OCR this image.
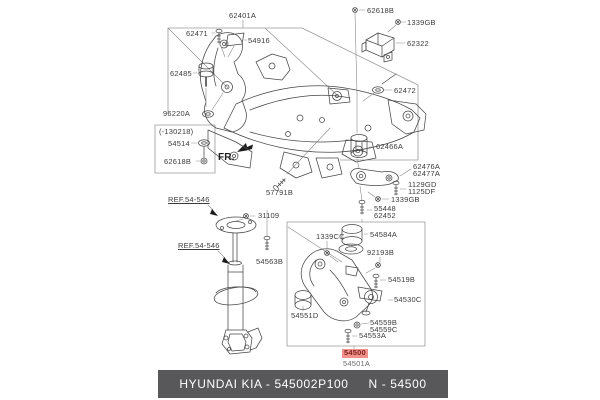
62401A
62471
54916
62485
96220A
(-130218)
54514
62618B	FR.
62618B
1339GB
62322
62472
62466A
62476A
62477A
1129GD
1125DF
1339GB
55448
62452
57791B
REF.54-546
31109
REF.54-546
54563B
1339CC	54584A
92193B
54519B
54530C
54551D
54559B
54559C
54553A
54500
54501A
HYUNDAI KIA - 545002P100 N - 54500
